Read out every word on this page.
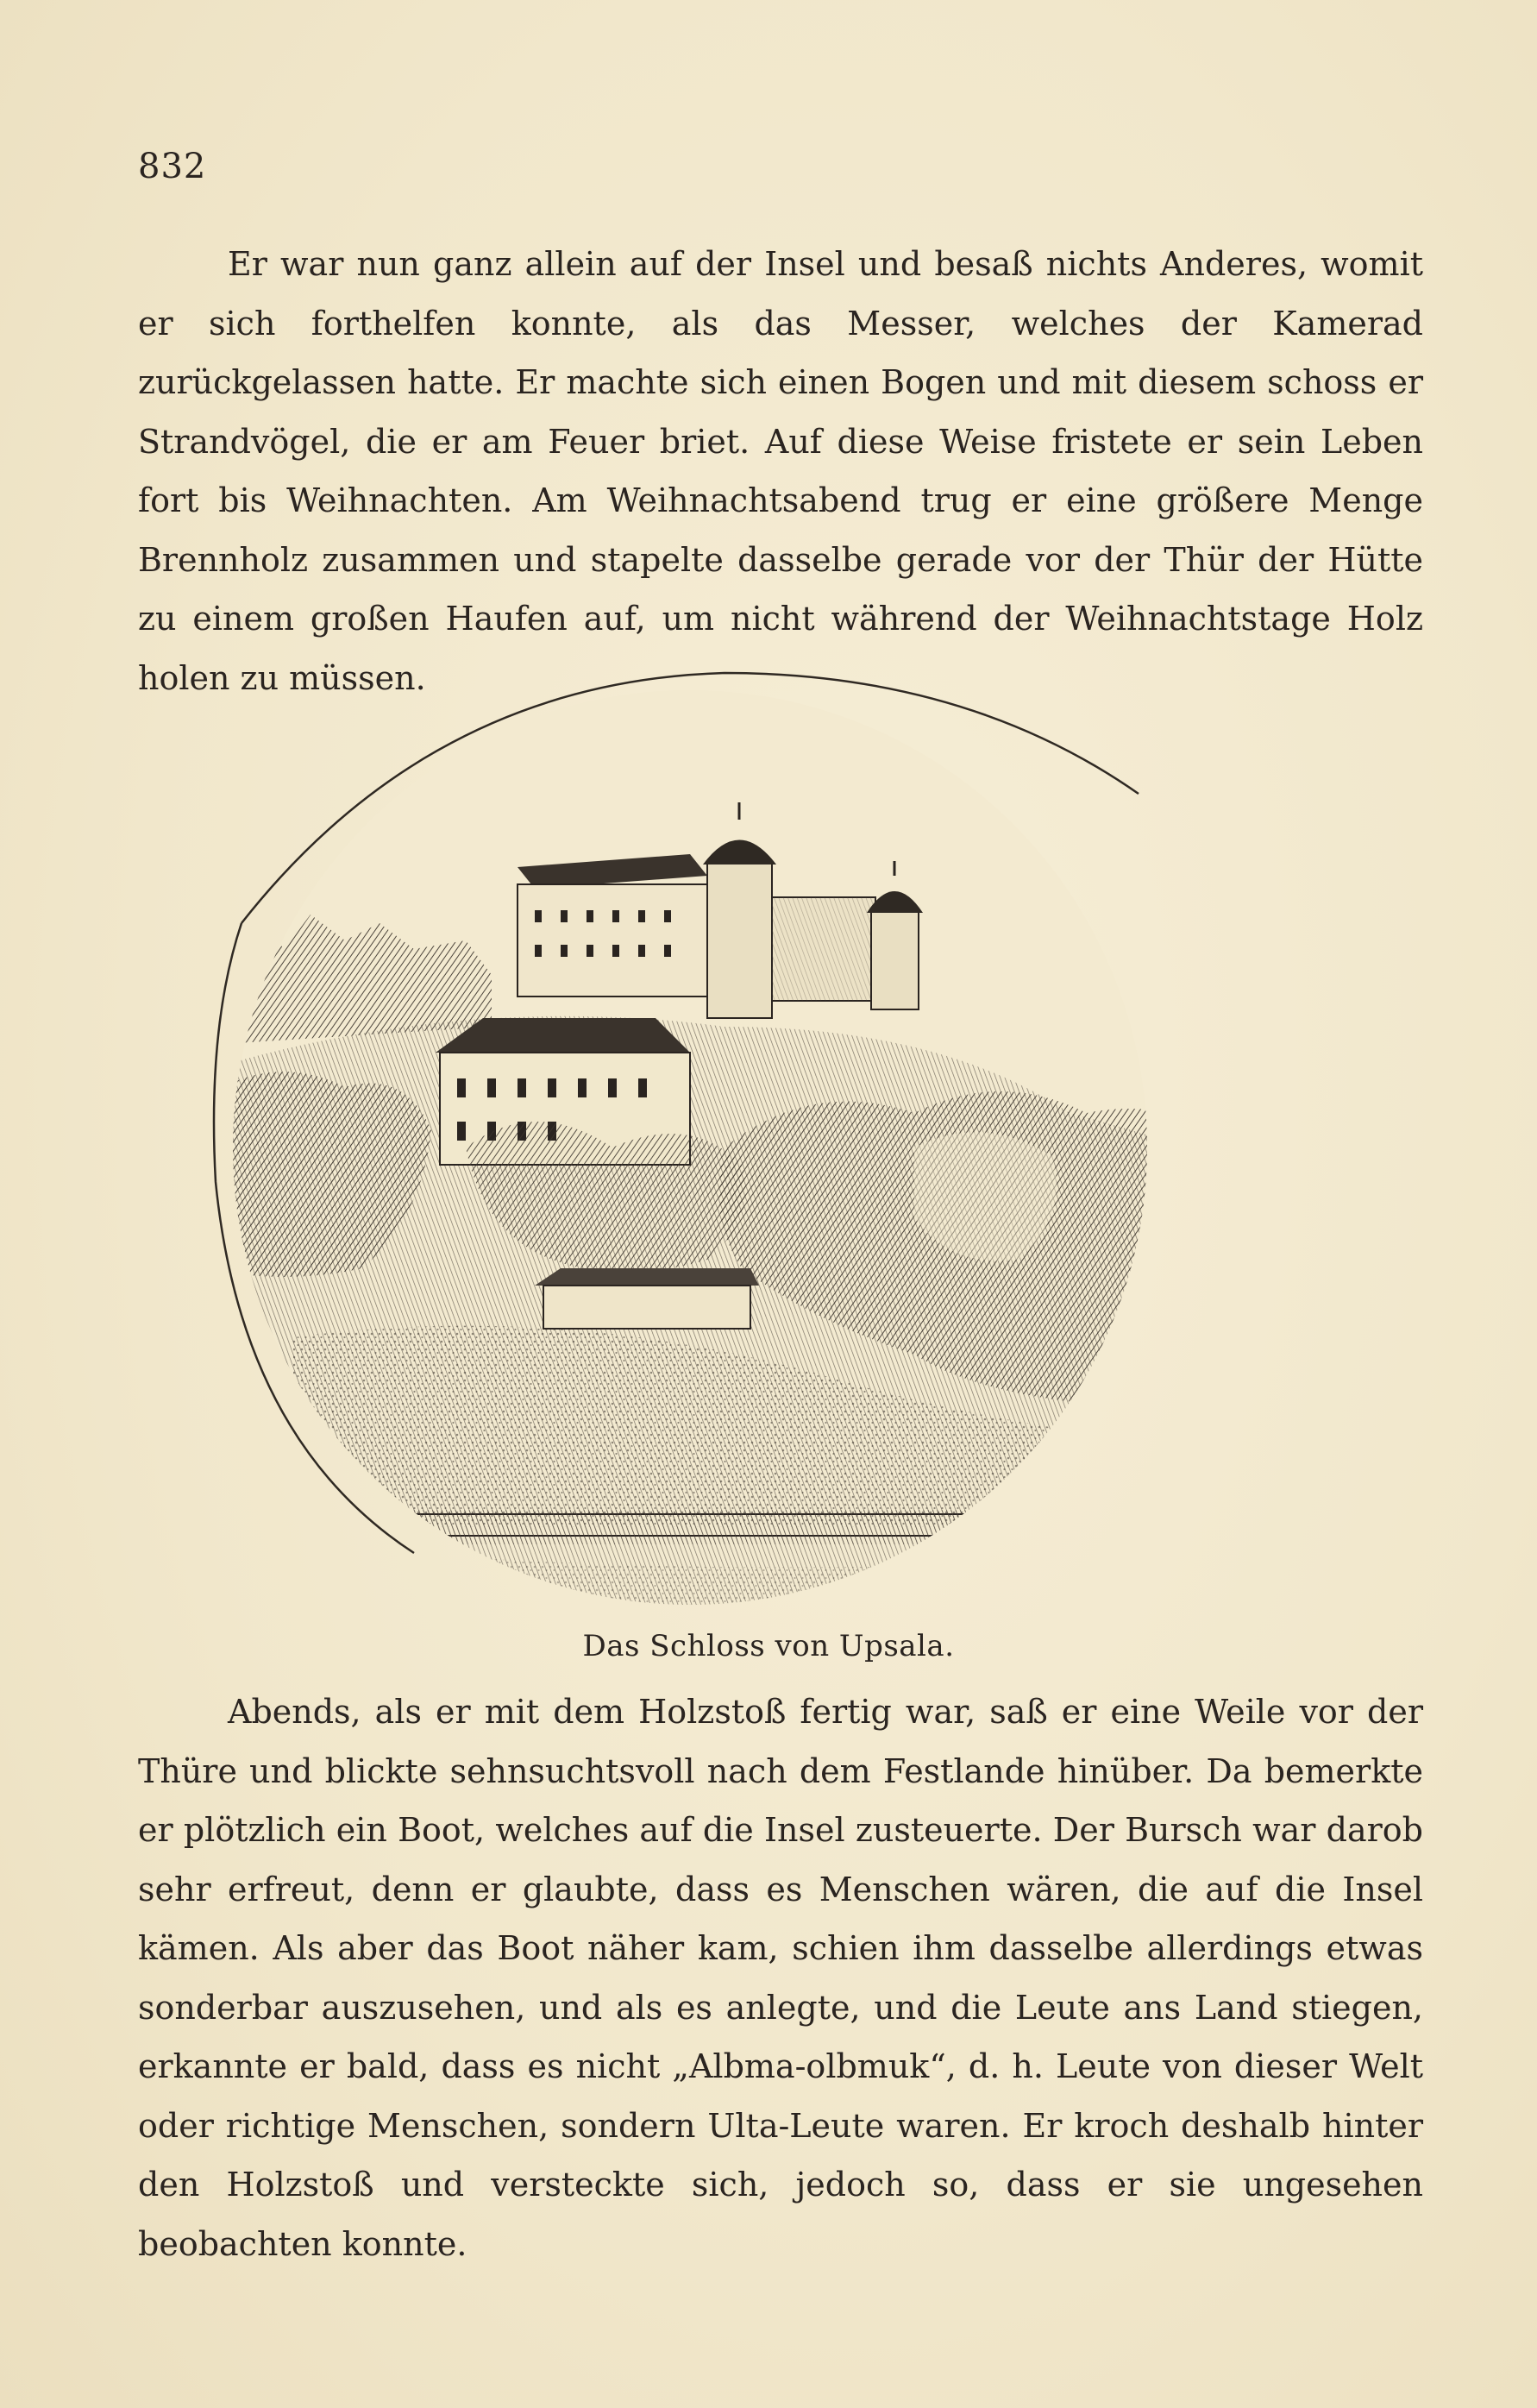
832

Er war nun ganz allein auf der Insel und besaß nichts Anderes, womit er sich forthelfen konnte, als das Messer, welches der Kamerad zurückgelassen hatte. Er machte sich einen Bogen und mit diesem schoss er Strandvögel, die er am Feuer briet. Auf diese Weise fristete er sein Leben fort bis Weihnachten. Am Weihnachtsabend trug er eine größere Menge Brennholz zusammen und stapelte dasselbe gerade vor der Thür der Hütte zu einem großen Haufen auf, um nicht während der Weihnachtstage Holz holen zu müssen.

Das Schloss von Upsala.

Abends, als er mit dem Holzstoß fertig war, saß er eine Weile vor der Thüre und blickte sehnsuchtsvoll nach dem Festlande hinüber. Da bemerkte er plötzlich ein Boot, welches auf die Insel zusteuerte. Der Bursch war darob sehr erfreut, denn er glaubte, dass es Menschen wären, die auf die Insel kämen. Als aber das Boot näher kam, schien ihm dasselbe allerdings etwas sonderbar auszusehen, und als es anlegte, und die Leute ans Land stiegen, erkannte er bald, dass es nicht „Albma-olbmuk“, d. h. Leute von dieser Welt oder richtige Menschen, sondern Ulta-Leute waren. Er kroch deshalb hinter den Holzstoß und versteckte sich, jedoch so, dass er sie ungesehen beobachten konnte.
